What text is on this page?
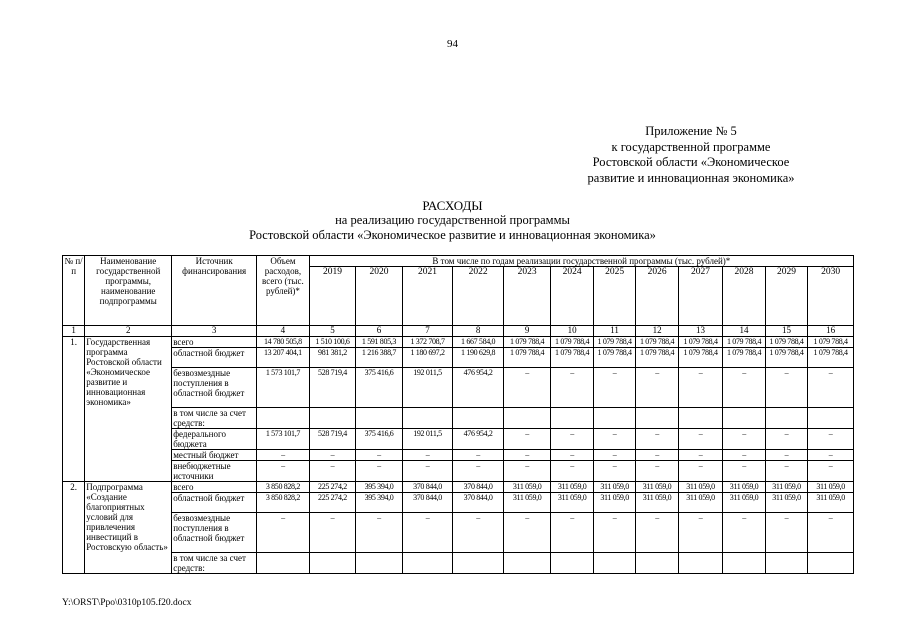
94
Приложение № 5
к государственной программе
Ростовской области «Экономическое
развитие и инновационная экономика»
РАСХОДЫ
на реализацию государственной программы
Ростовской области «Экономическое развитие и инновационная экономика»
№ п/п	Наименование государственной программы, наименование подпрограммы	Источник финансирования	Объем расходов, всего (тыс. рублей)*	В том числе по годам реализации государственной программы (тыс. рублей)*											
				2019	2020	2021	2022	2023	2024	2025	2026	2027	2028	2029	2030
1	2	3	4	5	6	7	8	9	10	11	12	13	14	15	16
1.	Государственная программа Ростовской области «Экономическое развитие и инновационная экономика»	всего	14 780 505,8	1 510 100,6	1 591 805,3	1 372 708,7	1 667 584,0	1 079 788,4	1 079 788,4	1 079 788,4	1 079 788,4	1 079 788,4	1 079 788,4	1 079 788,4	1 079 788,4
		областной бюджет	13 207 404,1	981 381,2	1 216 388,7	1 180 697,2	1 190 629,8	1 079 788,4	1 079 788,4	1 079 788,4	1 079 788,4	1 079 788,4	1 079 788,4	1 079 788,4	1 079 788,4
		безвозмездные поступления в областной бюджет	1 573 101,7	528 719,4	375 416,6	192 011,5	476 954,2	–	–	–	–	–	–	–	–
		в том числе за счет средств:													
		федерального бюджета	1 573 101,7	528 719,4	375 416,6	192 011,5	476 954,2	–	–	–	–	–	–	–	–
		местный бюджет	–	–	–	–	–	–	–	–	–	–	–	–	–
		внебюджетные источники	–	–	–	–	–	–	–	–	–	–	–	–	–
2.	Подпрограмма «Создание благоприятных условий для привлечения инвестиций в Ростовскую область»	всего	3 850 828,2	225 274,2	395 394,0	370 844,0	370 844,0	311 059,0	311 059,0	311 059,0	311 059,0	311 059,0	311 059,0	311 059,0	311 059,0
		областной бюджет	3 850 828,2	225 274,2	395 394,0	370 844,0	370 844,0	311 059,0	311 059,0	311 059,0	311 059,0	311 059,0	311 059,0	311 059,0	311 059,0
		безвозмездные поступления в областной бюджет	–	–	–	–	–	–	–	–	–	–	–	–	–
		в том числе за счет средств:													
Y:\ORST\Ppo\0310p105.f20.docx
